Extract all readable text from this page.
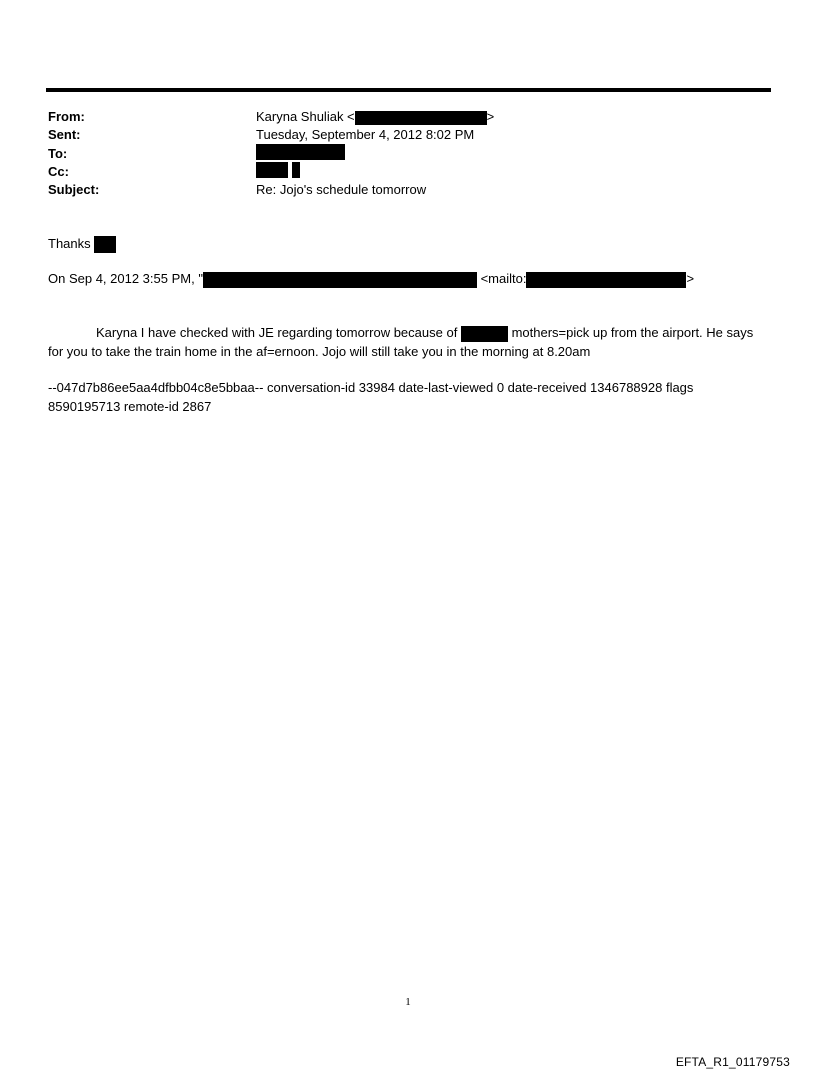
From:	Karyna Shuliak <	>
Sent:	Tuesday, September 4, 2012 8:02 PM
To:
Cc:
Subject:	Re: Jojo's schedule tomorrow
Thanks
On Sep 4, 2012 3:55 PM, "	<mailto:	>
Karyna I have checked with JE regarding tomorrow because of	mothers=pick up from the airport. He says for you to take the train home in the af=ernoon. Jojo will still take you in the morning at 8.20am
--047d7b86ee5aa4dfbb04c8e5bbaa-- conversation-id 33984 date-last-viewed 0 date-received 1346788928 flags 8590195713 remote-id 2867
1
EFTA_R1_01179753
